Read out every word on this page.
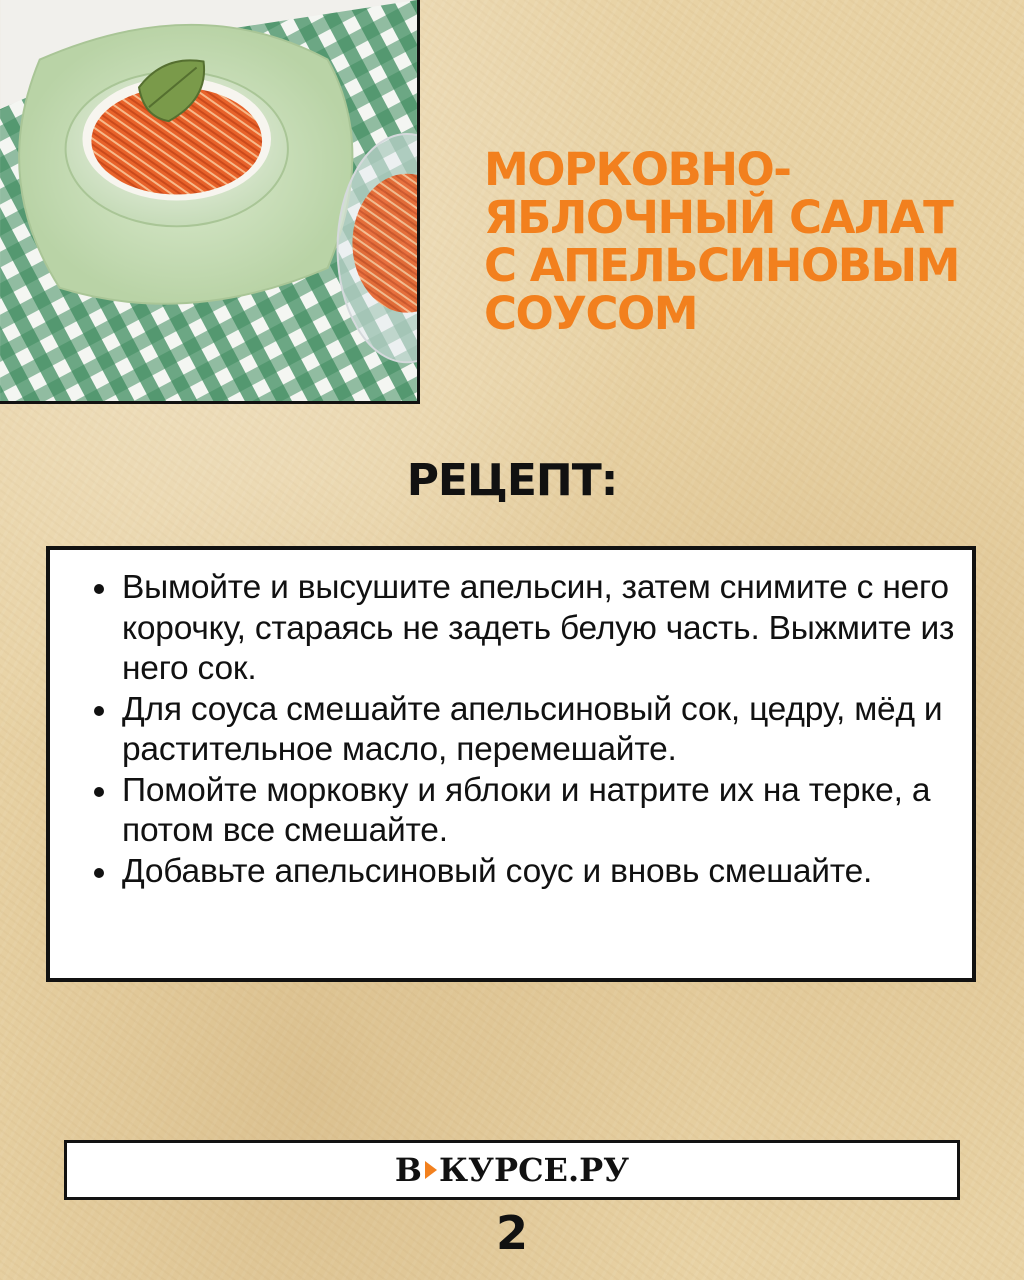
МОРКОВНО-
ЯБЛОЧНЫЙ САЛАТ
С АПЕЛЬСИНОВЫМ
СОУСОМ
РЕЦЕПТ:
• Вымойте и высушите апельсин, затем снимите с него корочку, стараясь не задеть белую часть. Выжмите из него сок.
• Для соуса смешайте апельсиновый сок, цедру, мёд и растительное масло, перемешайте.
• Помойте морковку и яблоки и натрите их на терке, а потом все смешайте.
• Добавьте апельсиновый соус и вновь смешайте.
В КУРСЕ.РУ
2
